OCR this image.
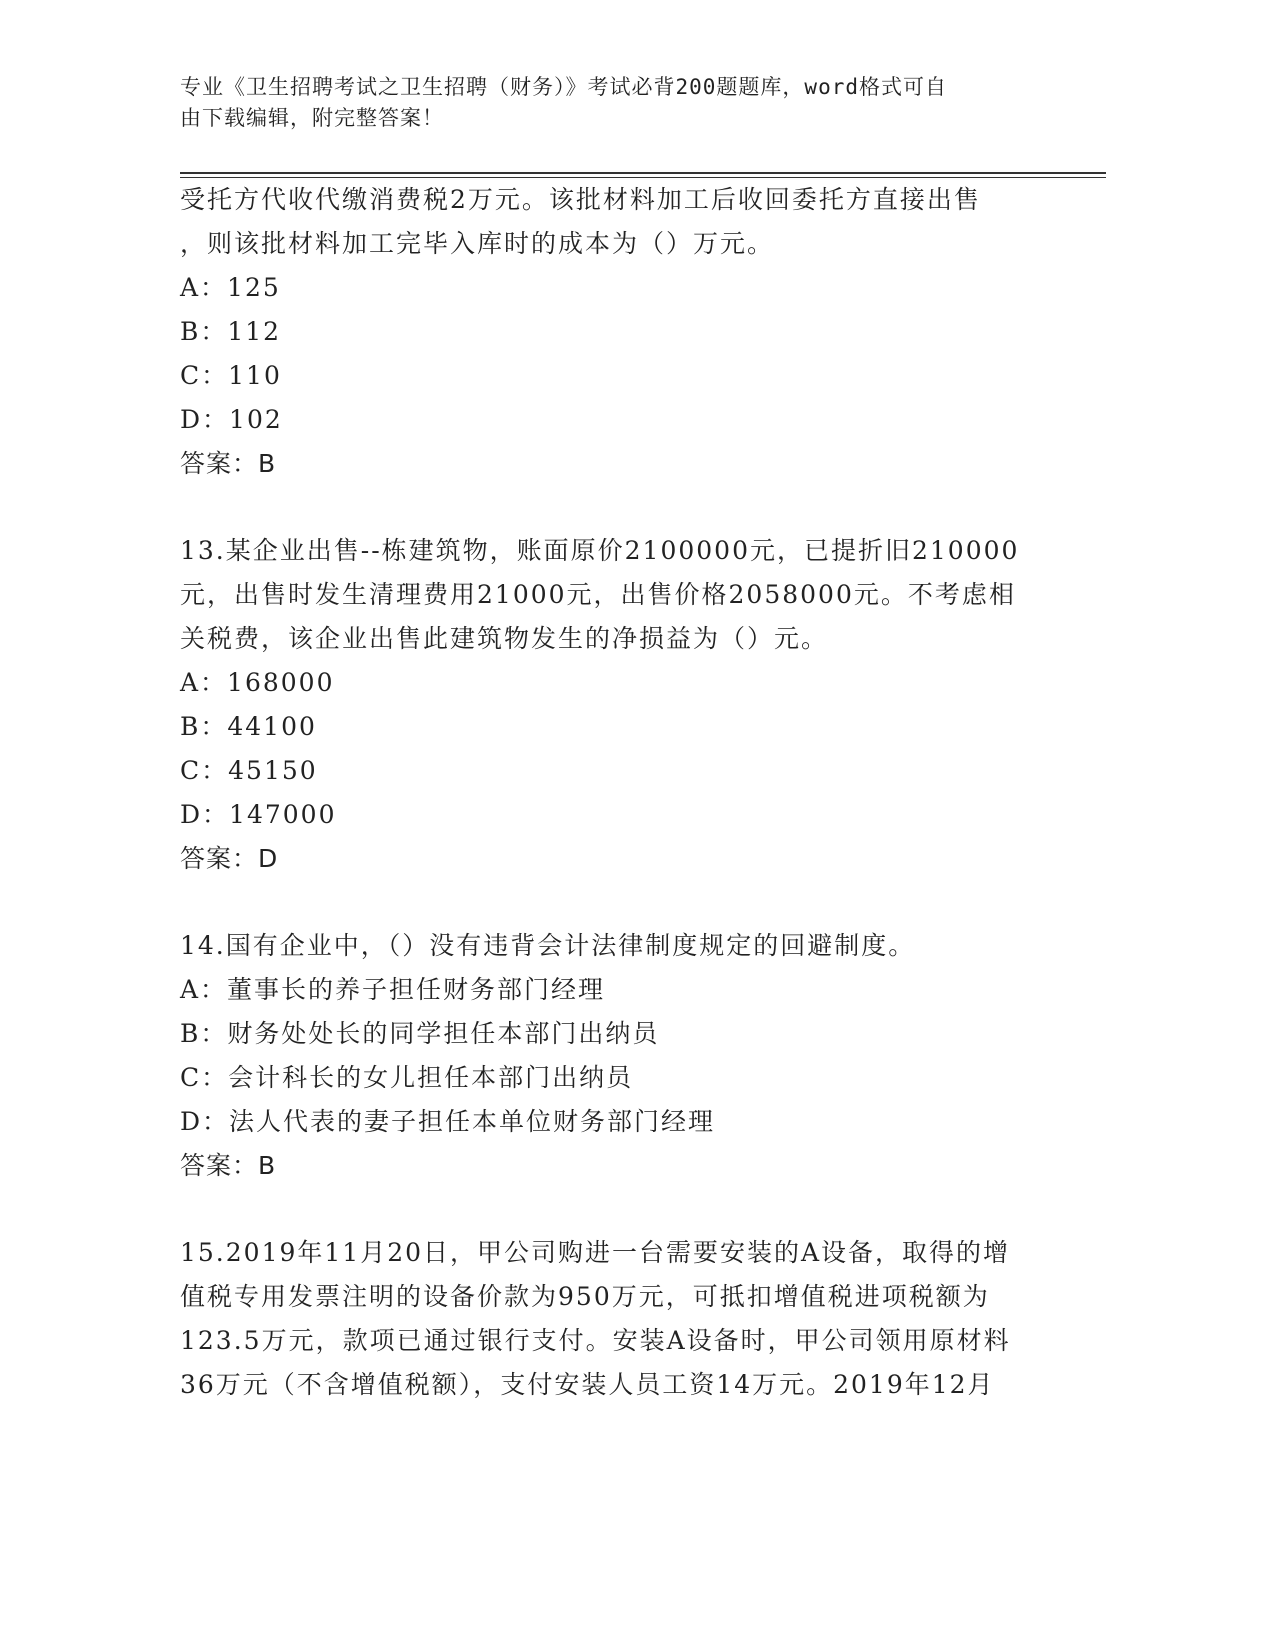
专业《卫生招聘考试之卫生招聘（财务）》考试必背200题题库，word格式可自
由下载编辑，附完整答案！
受托方代收代缴消费税2万元。该批材料加工后收回委托方直接出售
，则该批材料加工完毕入库时的成本为（）万元。
A：125
B：112
C：110
D：102
答案：B
13.某企业出售--栋建筑物，账面原价2100000元，已提折旧210000
元，出售时发生清理费用21000元，出售价格2058000元。不考虑相
关税费，该企业出售此建筑物发生的净损益为（）元。
A：168000
B：44100
C：45150
D：147000
答案：D
14.国有企业中，（）没有违背会计法律制度规定的回避制度。
A：董事长的养子担任财务部门经理
B：财务处处长的同学担任本部门出纳员
C：会计科长的女儿担任本部门出纳员
D：法人代表的妻子担任本单位财务部门经理
答案：B
15.2019年11月20日，甲公司购进一台需要安装的A设备，取得的增
值税专用发票注明的设备价款为950万元，可抵扣增值税进项税额为
123.5万元，款项已通过银行支付。安装A设备时，甲公司领用原材料
36万元（不含增值税额），支付安装人员工资14万元。2019年12月
